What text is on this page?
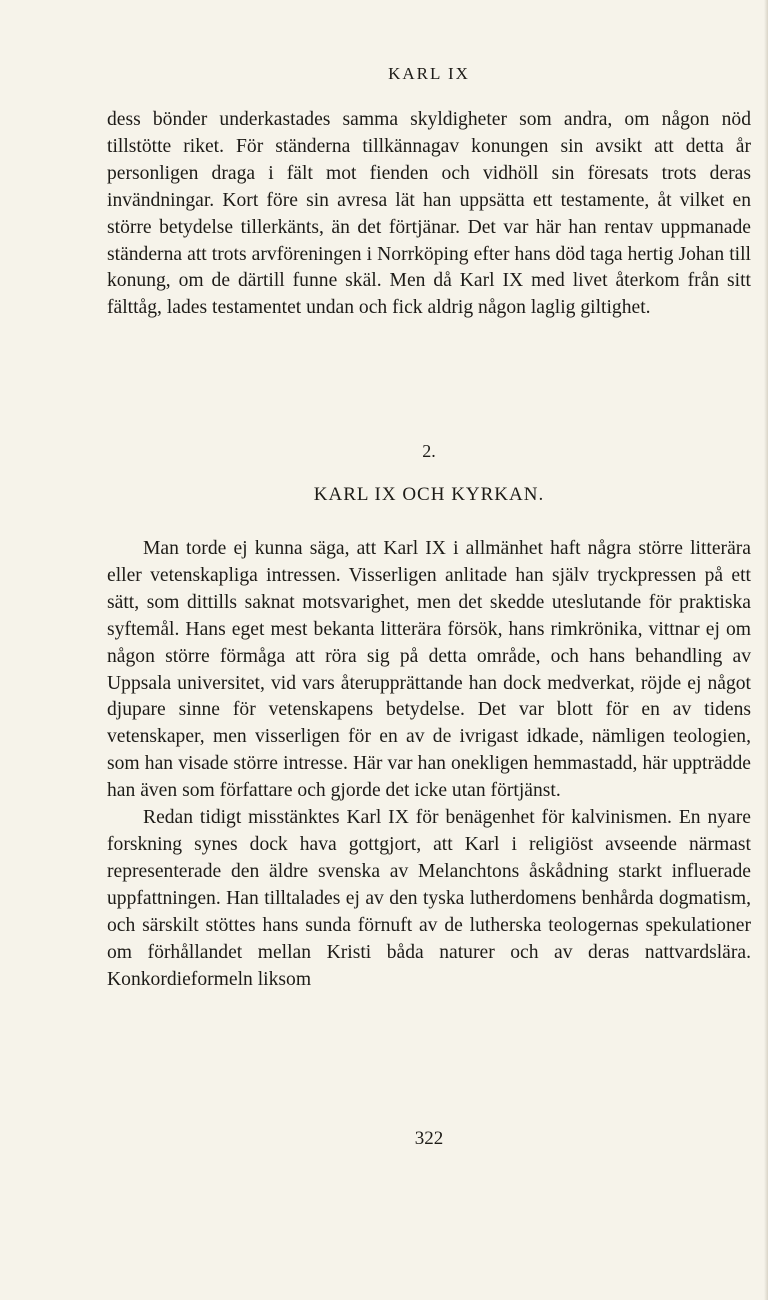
KARL IX

dess bönder underkastades samma skyldigheter som andra, om någon nöd tillstötte riket. För ständerna tillkännagav konungen sin avsikt att detta år personligen draga i fält mot fienden och vidhöll sin föresats trots deras invändningar. Kort före sin avresa lät han uppsätta ett testamente, åt vilket en större betydelse tillerkänts, än det förtjänar. Det var här han rentav uppmanade ständerna att trots arvföreningen i Norrköping efter hans död taga hertig Johan till konung, om de därtill funne skäl. Men då Karl IX med livet återkom från sitt fälttåg, lades testamentet undan och fick aldrig någon laglig giltighet.

2.
KARL IX OCH KYRKAN.

Man torde ej kunna säga, att Karl IX i allmänhet haft några större litterära eller vetenskapliga intressen. Visserligen anlitade han själv tryckpressen på ett sätt, som dittills saknat motsvarighet, men det skedde uteslutande för praktiska syftemål. Hans eget mest bekanta litterära försök, hans rimkrönika, vittnar ej om någon större förmåga att röra sig på detta område, och hans behandling av Uppsala universitet, vid vars återupprättande han dock medverkat, röjde ej något djupare sinne för vetenskapens betydelse. Det var blott för en av tidens vetenskaper, men visserligen för en av de ivrigast idkade, nämligen teologien, som han visade större intresse. Här var han onekligen hemmastadd, här uppträdde han även som författare och gjorde det icke utan förtjänst.

Redan tidigt misstänktes Karl IX för benägenhet för kalvinismen. En nyare forskning synes dock hava gottgjort, att Karl i religiöst avseende närmast representerade den äldre svenska av Melanchtons åskådning starkt influerade uppfattningen. Han tilltalades ej av den tyska lutherdomens benhårda dogmatism, och särskilt stöttes hans sunda förnuft av de lutherska teologernas spekulationer om förhållandet mellan Kristi båda naturer och av deras nattvardslära. Konkordieformeln liksom

322
